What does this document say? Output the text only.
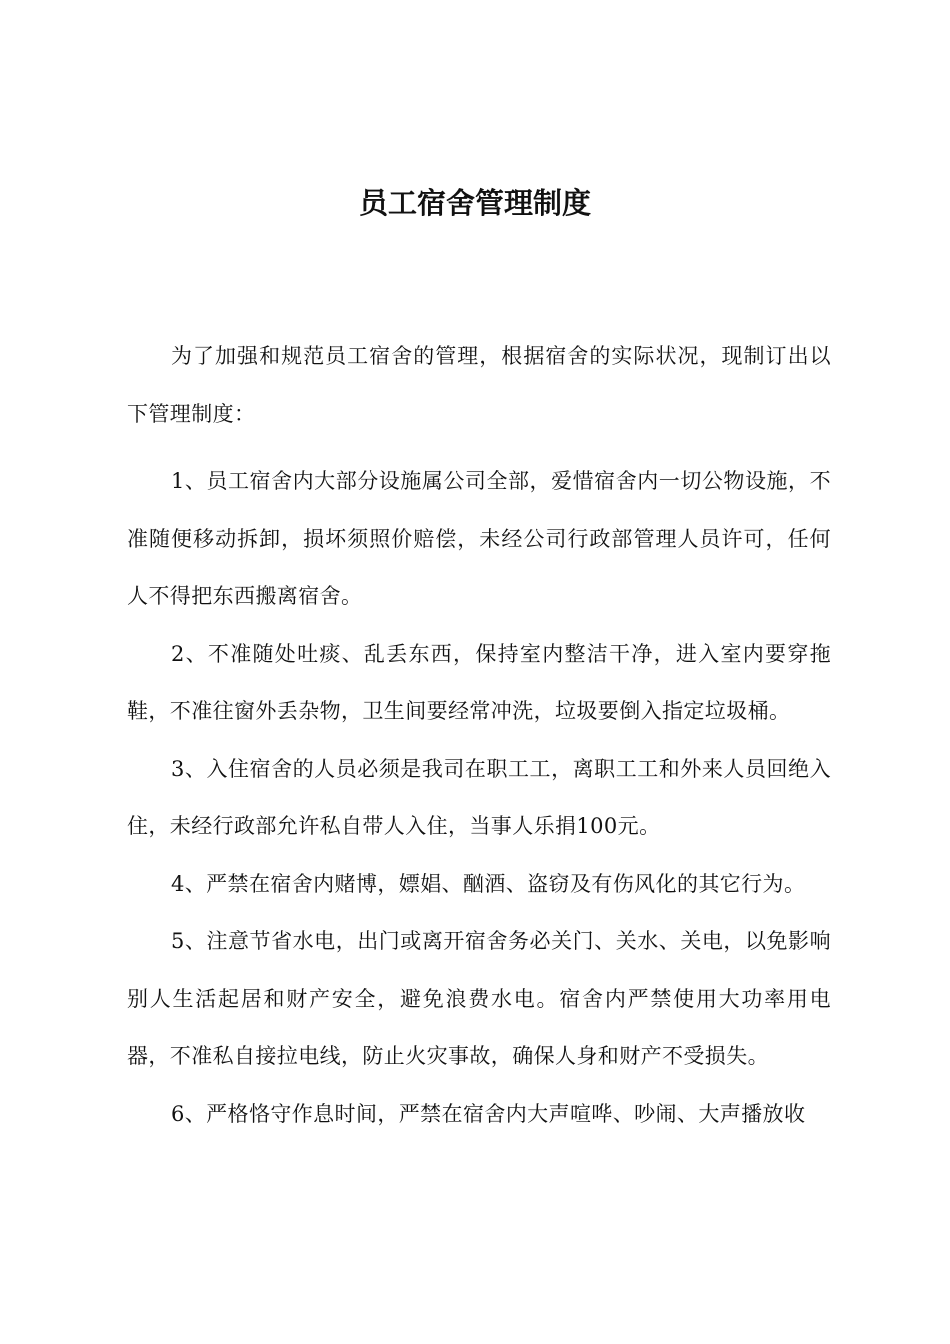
员工宿舍管理制度

为了加强和规范员工宿舍的管理，根据宿舍的实际状况，现制订出以下管理制度：

1、员工宿舍内大部分设施属公司全部，爱惜宿舍内一切公物设施，不准随便移动拆卸，损坏须照价赔偿，未经公司行政部管理人员许可，任何人不得把东西搬离宿舍。

2、不准随处吐痰、乱丢东西，保持室内整洁干净，进入室内要穿拖鞋，不准往窗外丢杂物，卫生间要经常冲洗，垃圾要倒入指定垃圾桶。

3、入住宿舍的人员必须是我司在职工工，离职工工和外来人员回绝入住，未经行政部允许私自带人入住，当事人乐捐100元。

4、严禁在宿舍内赌博，嫖娼、酗酒、盗窃及有伤风化的其它行为。

5、注意节省水电，出门或离开宿舍务必关门、关水、关电，以免影响别人生活起居和财产安全，避免浪费水电。宿舍内严禁使用大功率用电器，不准私自接拉电线，防止火灾事故，确保人身和财产不受损失。

6、严格恪守作息时间，严禁在宿舍内大声喧哗、吵闹、大声播放收
